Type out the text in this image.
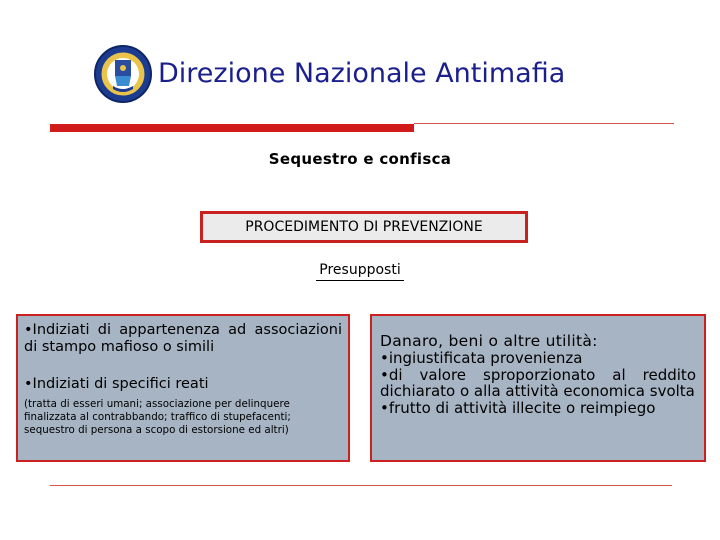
Direzione Nazionale Antimafia
Sequestro e confisca
PROCEDIMENTO DI PREVENZIONE
Presupposti
•Indiziati di appartenenza ad associazioni di stampo mafioso o simili
•Indiziati di specifici reati
(tratta di esseri umani; associazione per delinquere finalizzata al contrabbando; traffico di stupefacenti; sequestro di persona a scopo di estorsione ed altri)
Danaro, beni o altre utilità:
•ingiustificata provenienza
•di valore sproporzionato al reddito dichiarato o alla attività economica svolta
•frutto di attività illecite o reimpiego
